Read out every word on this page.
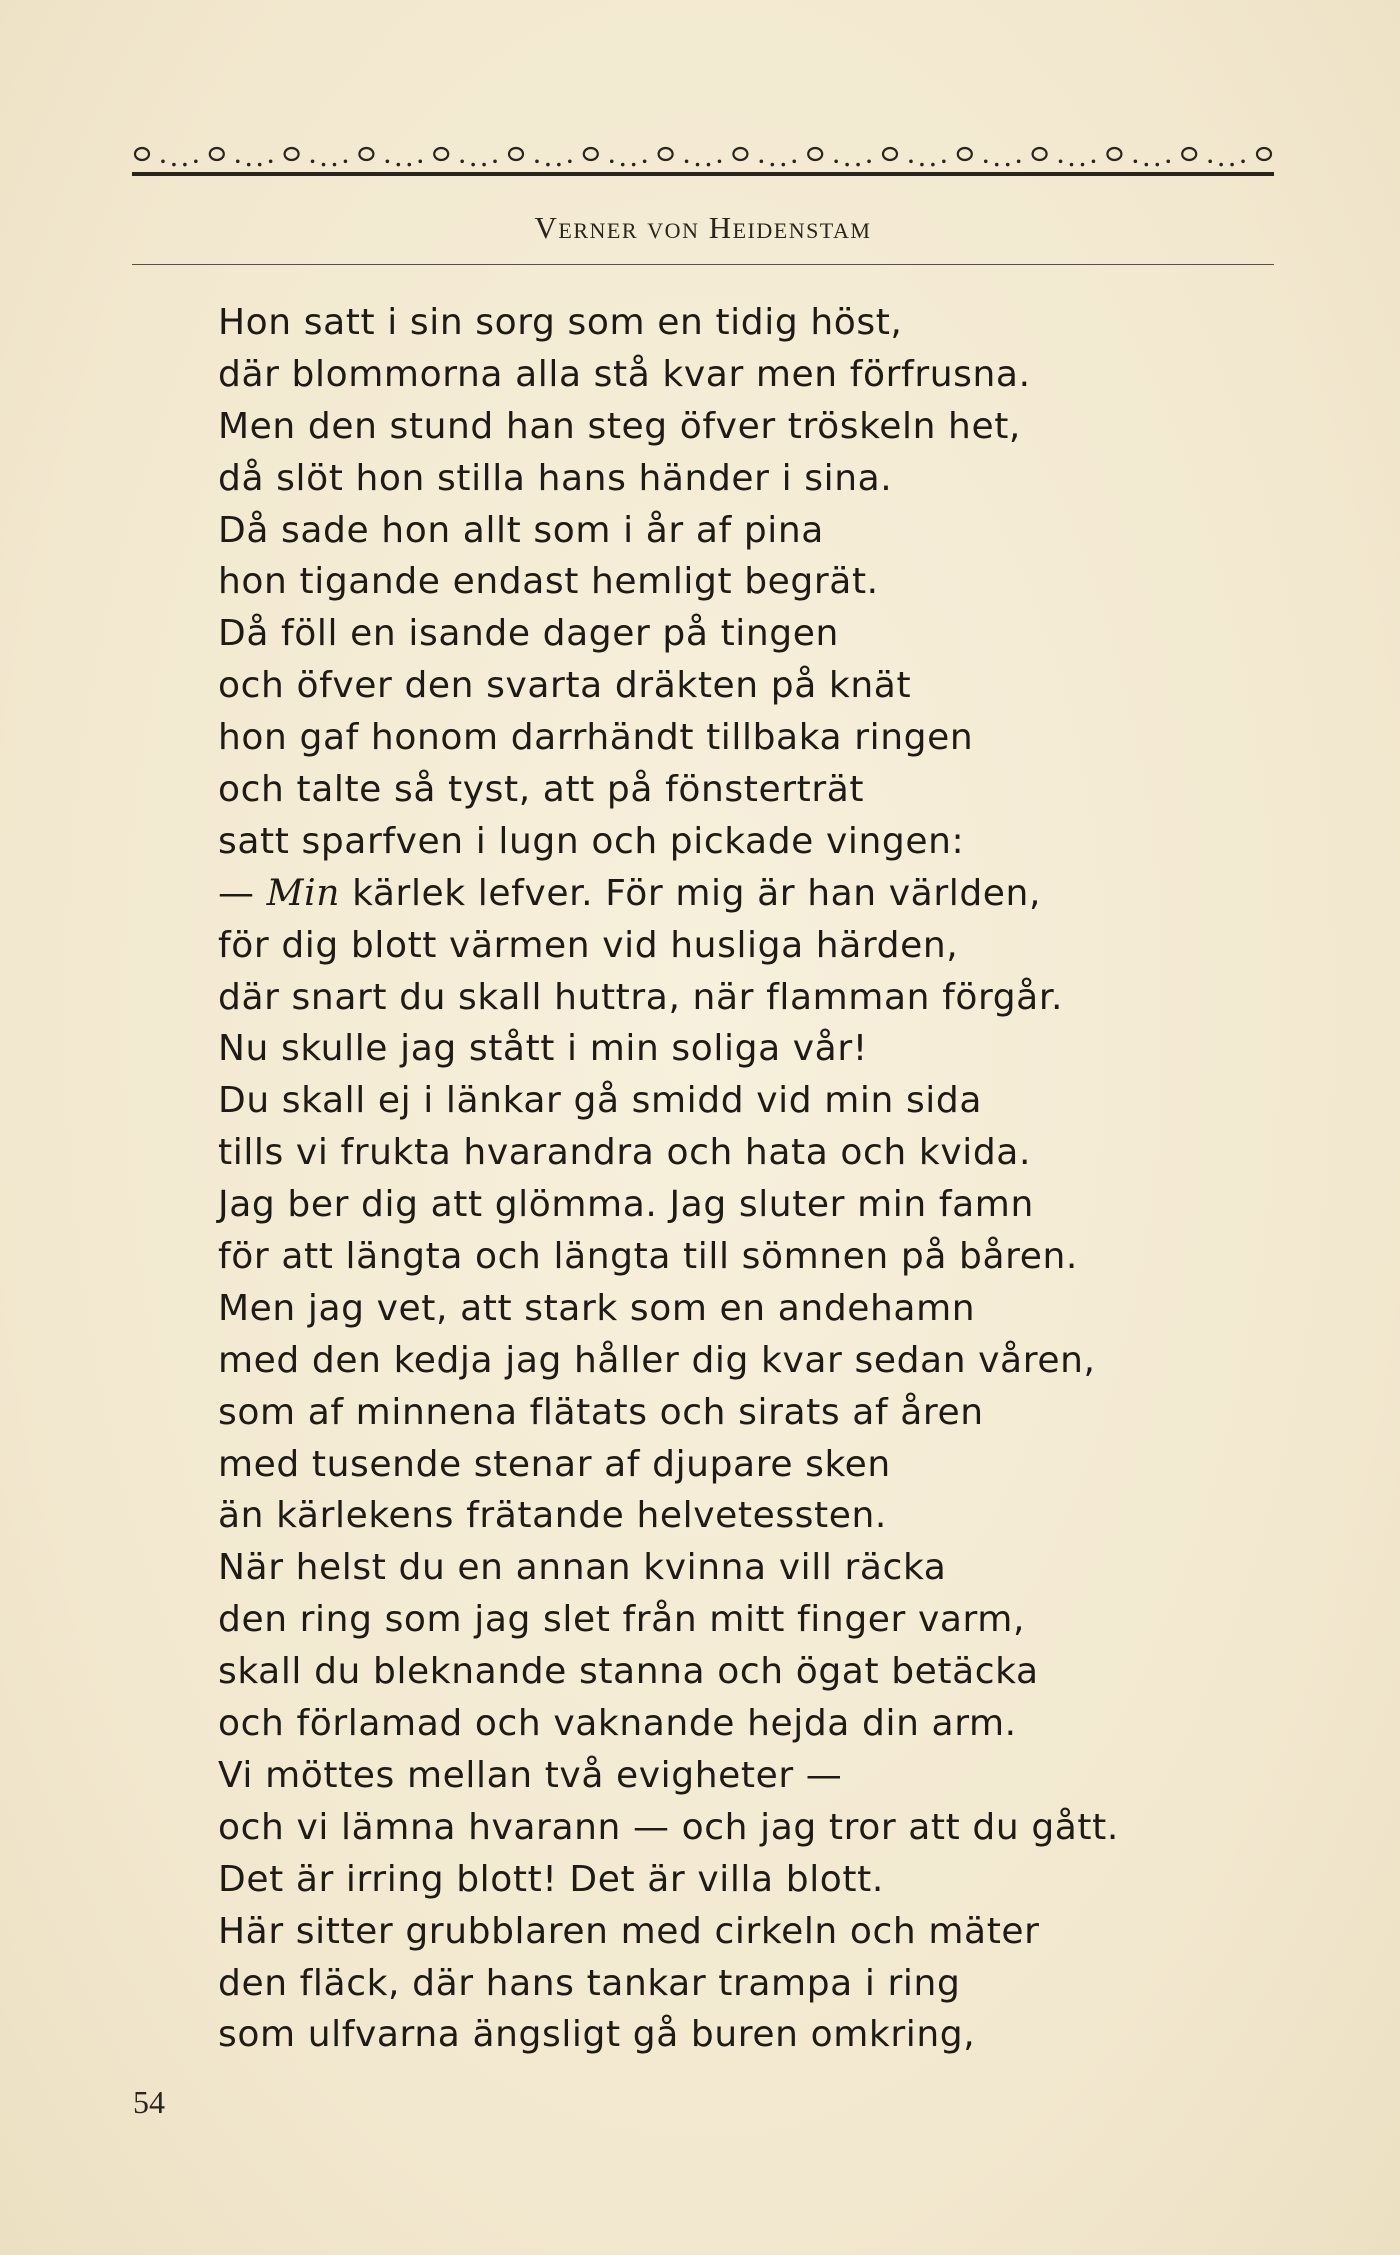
Verner von Heidenstam
Hon satt i sin sorg som en tidig höst,
där blommorna alla stå kvar men förfrusna.
Men den stund han steg öfver tröskeln het,
då slöt hon stilla hans händer i sina.
Då sade hon allt som i år af pina
hon tigande endast hemligt begrät.
Då föll en isande dager på tingen
och öfver den svarta dräkten på knät
hon gaf honom darrhändt tillbaka ringen
och talte så tyst, att på fönsterträt
satt sparfven i lugn och pickade vingen:
— Min kärlek lefver. För mig är han världen,
för dig blott värmen vid husliga härden,
där snart du skall huttra, när flamman förgår.
Nu skulle jag stått i min soliga vår!
Du skall ej i länkar gå smidd vid min sida
tills vi frukta hvarandra och hata och kvida.
Jag ber dig att glömma. Jag sluter min famn
för att längta och längta till sömnen på båren.
Men jag vet, att stark som en andehamn
med den kedja jag håller dig kvar sedan våren,
som af minnena flätats och sirats af åren
med tusende stenar af djupare sken
än kärlekens frätande helvetessten.
När helst du en annan kvinna vill räcka
den ring som jag slet från mitt finger varm,
skall du bleknande stanna och ögat betäcka
och förlamad och vaknande hejda din arm.
Vi möttes mellan två evigheter —
och vi lämna hvarann — och jag tror att du gått.
Det är irring blott! Det är villa blott.
Här sitter grubblaren med cirkeln och mäter
den fläck, där hans tankar trampa i ring
som ulfvarna ängsligt gå buren omkring,
54
